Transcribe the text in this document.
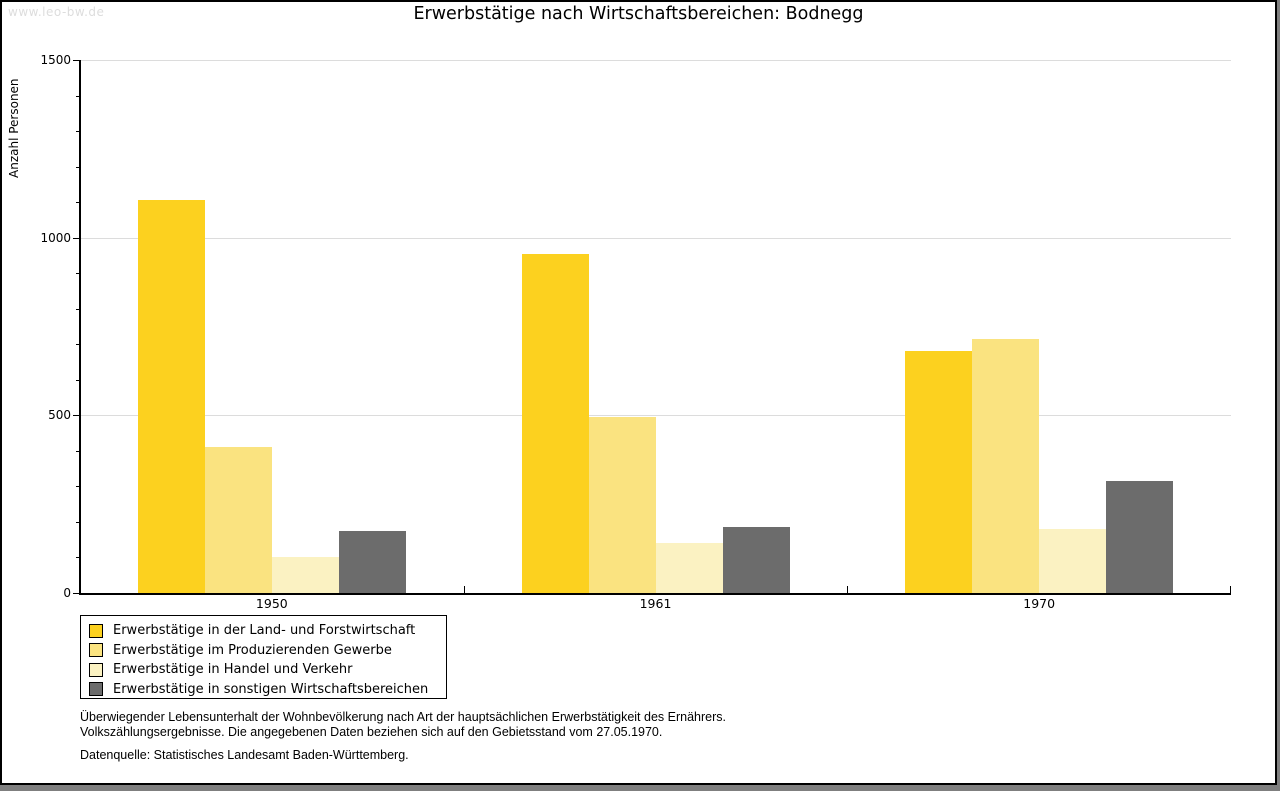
www.leo-bw.de	Erwerbstätige nach Wirtschaftsbereichen: Bodnegg
Anzahl Personen
1950	1961	1970
0
500
1000
1500
Erwerbstätige in der Land- und Forstwirtschaft
Erwerbstätige im Produzierenden Gewerbe
Erwerbstätige in Handel und Verkehr
Erwerbstätige in sonstigen Wirtschaftsbereichen
Überwiegender Lebensunterhalt der Wohnbevölkerung nach Art der hauptsächlichen Erwerbstätigkeit des Ernährers.
Volkszählungsergebnisse. Die angegebenen Daten beziehen sich auf den Gebietsstand vom 27.05.1970.
Datenquelle: Statistisches Landesamt Baden-Württemberg.
